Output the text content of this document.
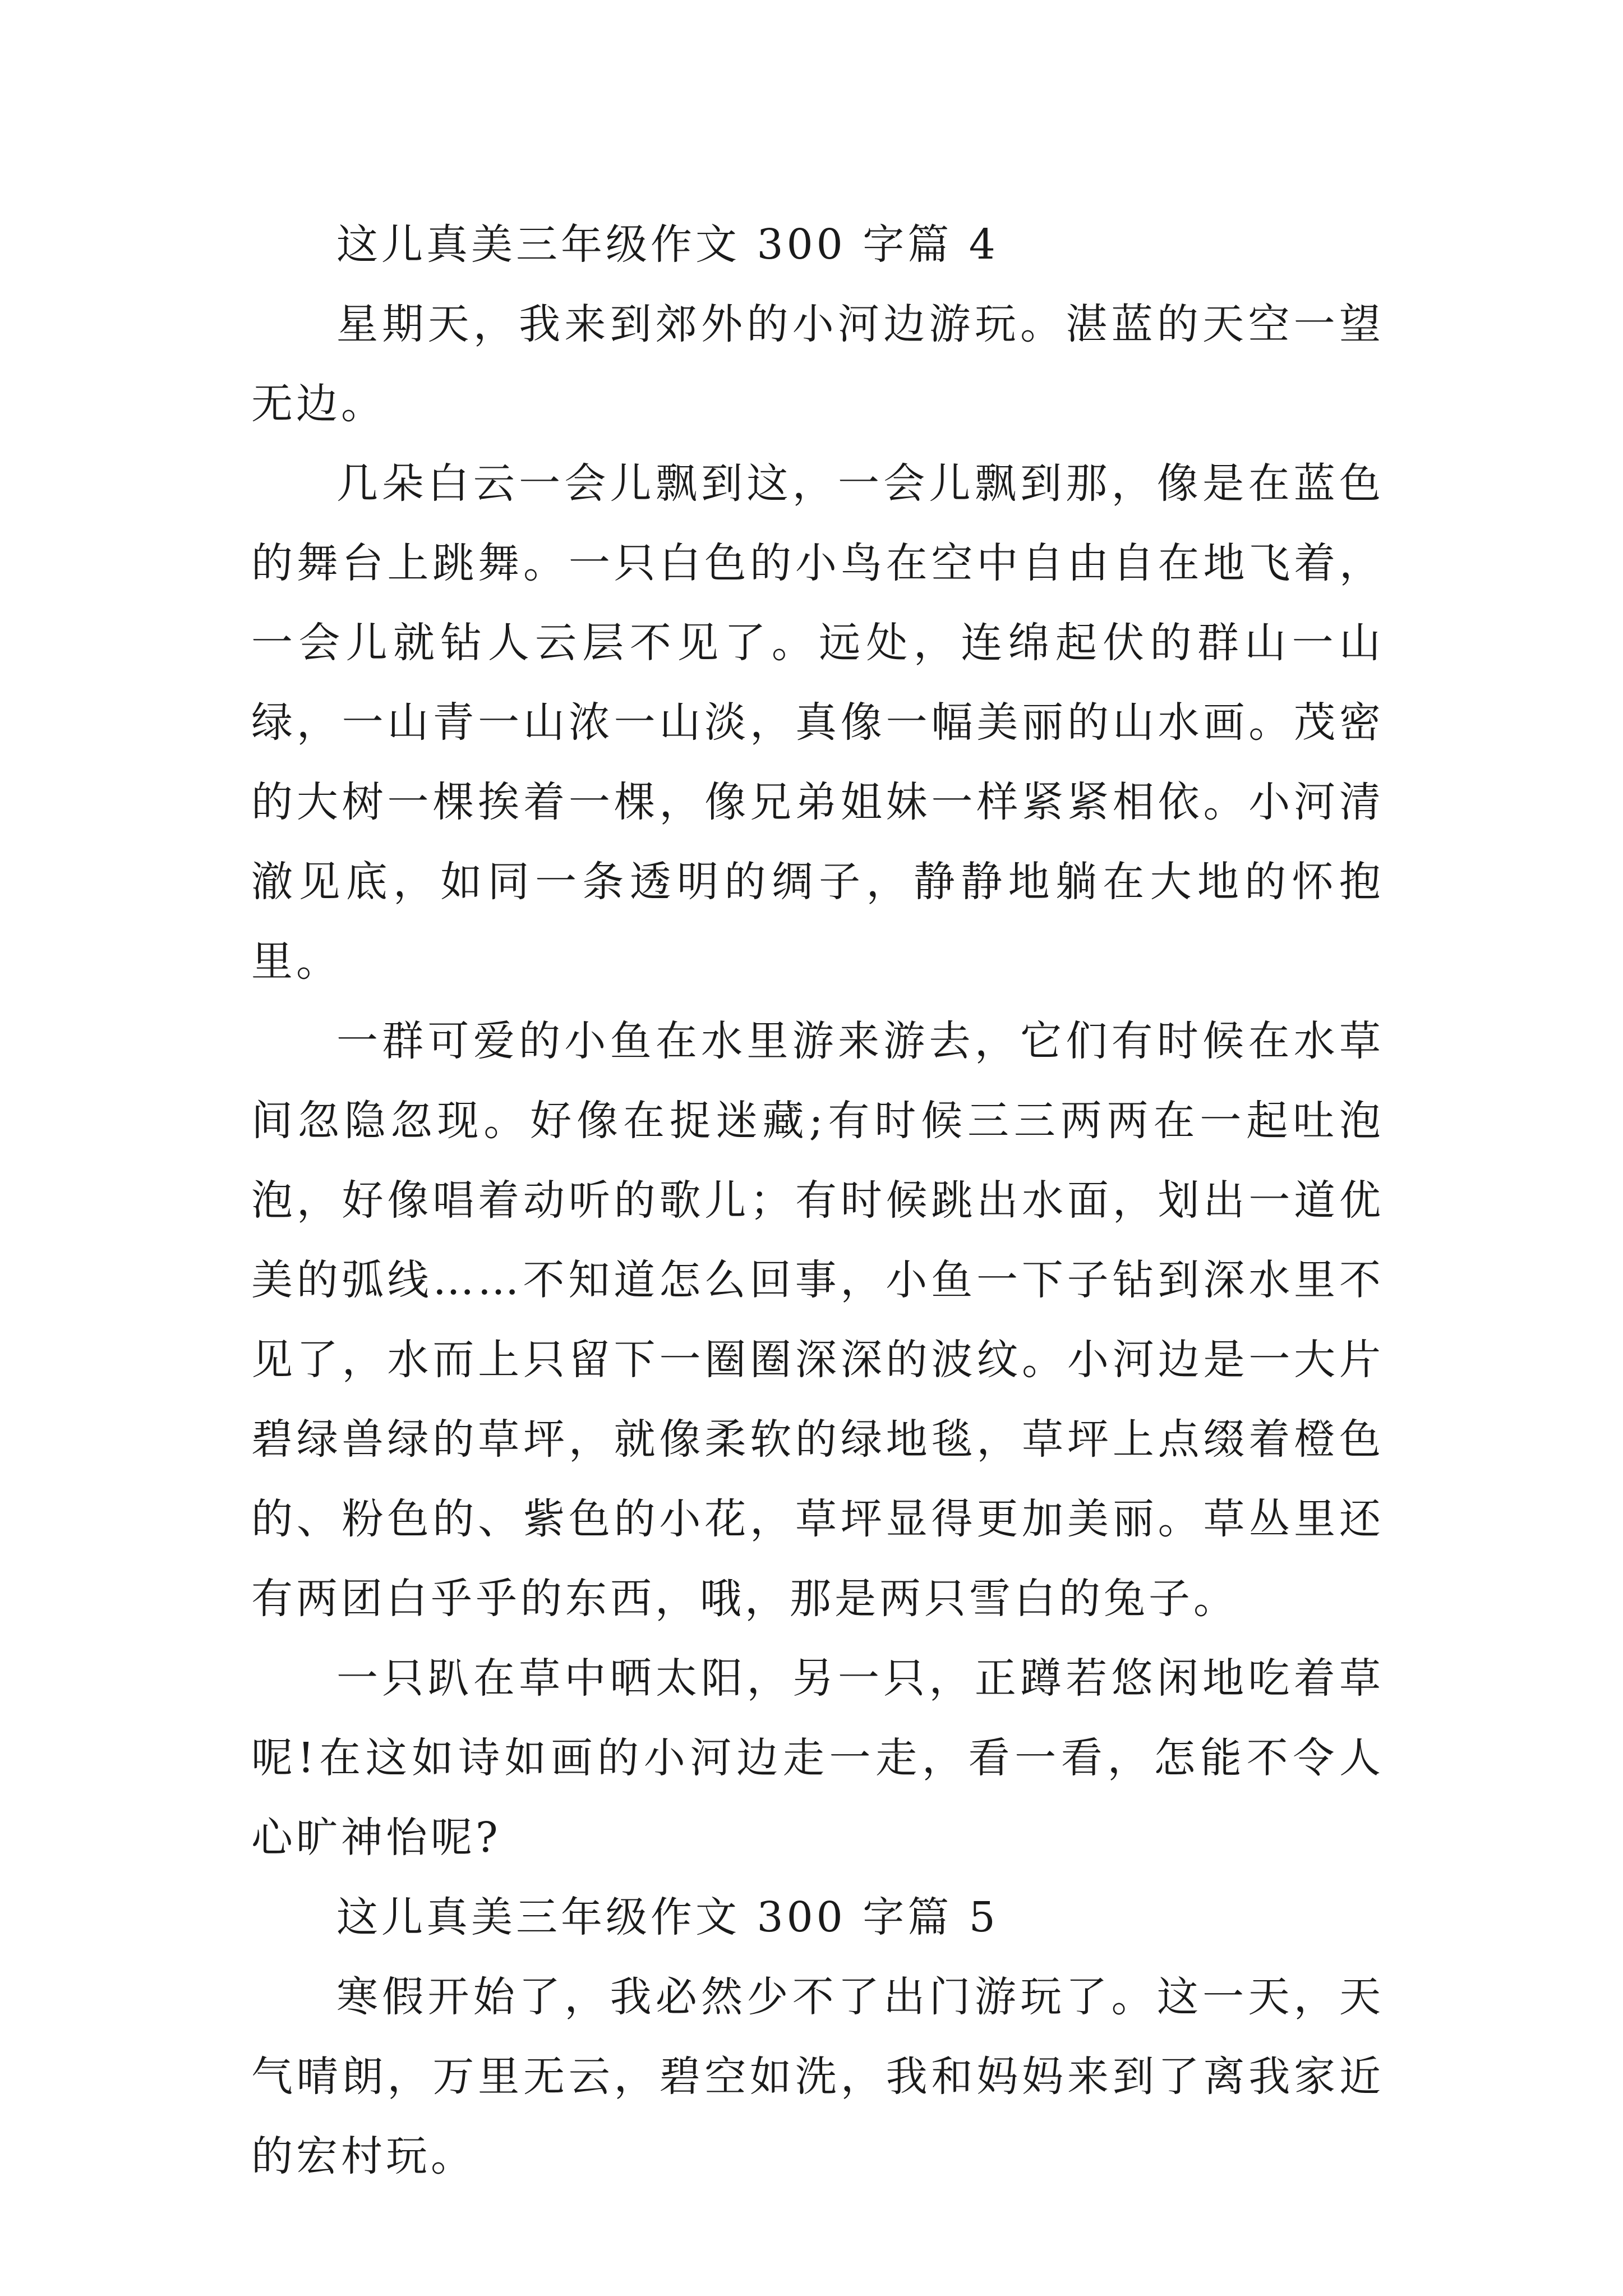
这儿真美三年级作文 300 字篇 4

星期天，我来到郊外的小河边游玩。湛蓝的天空一望无边。

几朵白云一会儿飘到这，一会儿飘到那，像是在蓝色的舞台上跳舞。一只白色的小鸟在空中自由自在地飞着，一会儿就钻人云层不见了。远处，连绵起伏的群山一山绿，一山青一山浓一山淡，真像一幅美丽的山水画。茂密的大树一棵挨着一棵，像兄弟姐妹一样紧紧相依。小河清澈见底，如同一条透明的绸子，静静地躺在大地的怀抱里。

一群可爱的小鱼在水里游来游去，它们有时候在水草间忽隐忽现。好像在捉迷藏;有时候三三两两在一起吐泡泡，好像唱着动听的歌儿；有时候跳出水面，划出一道优美的弧线……不知道怎么回事，小鱼一下子钻到深水里不见了，水而上只留下一圈圈深深的波纹。小河边是一大片碧绿兽绿的草坪，就像柔软的绿地毯，草坪上点缀着橙色的、粉色的、紫色的小花，草坪显得更加美丽。草丛里还有两团白乎乎的东西，哦，那是两只雪白的兔子。

一只趴在草中晒太阳，另一只，正蹲若悠闲地吃着草呢!在这如诗如画的小河边走一走，看一看，怎能不令人心旷神怡呢?

这儿真美三年级作文 300 字篇 5

寒假开始了，我必然少不了出门游玩了。这一天，天气晴朗，万里无云，碧空如洗，我和妈妈来到了离我家近的宏村玩。
